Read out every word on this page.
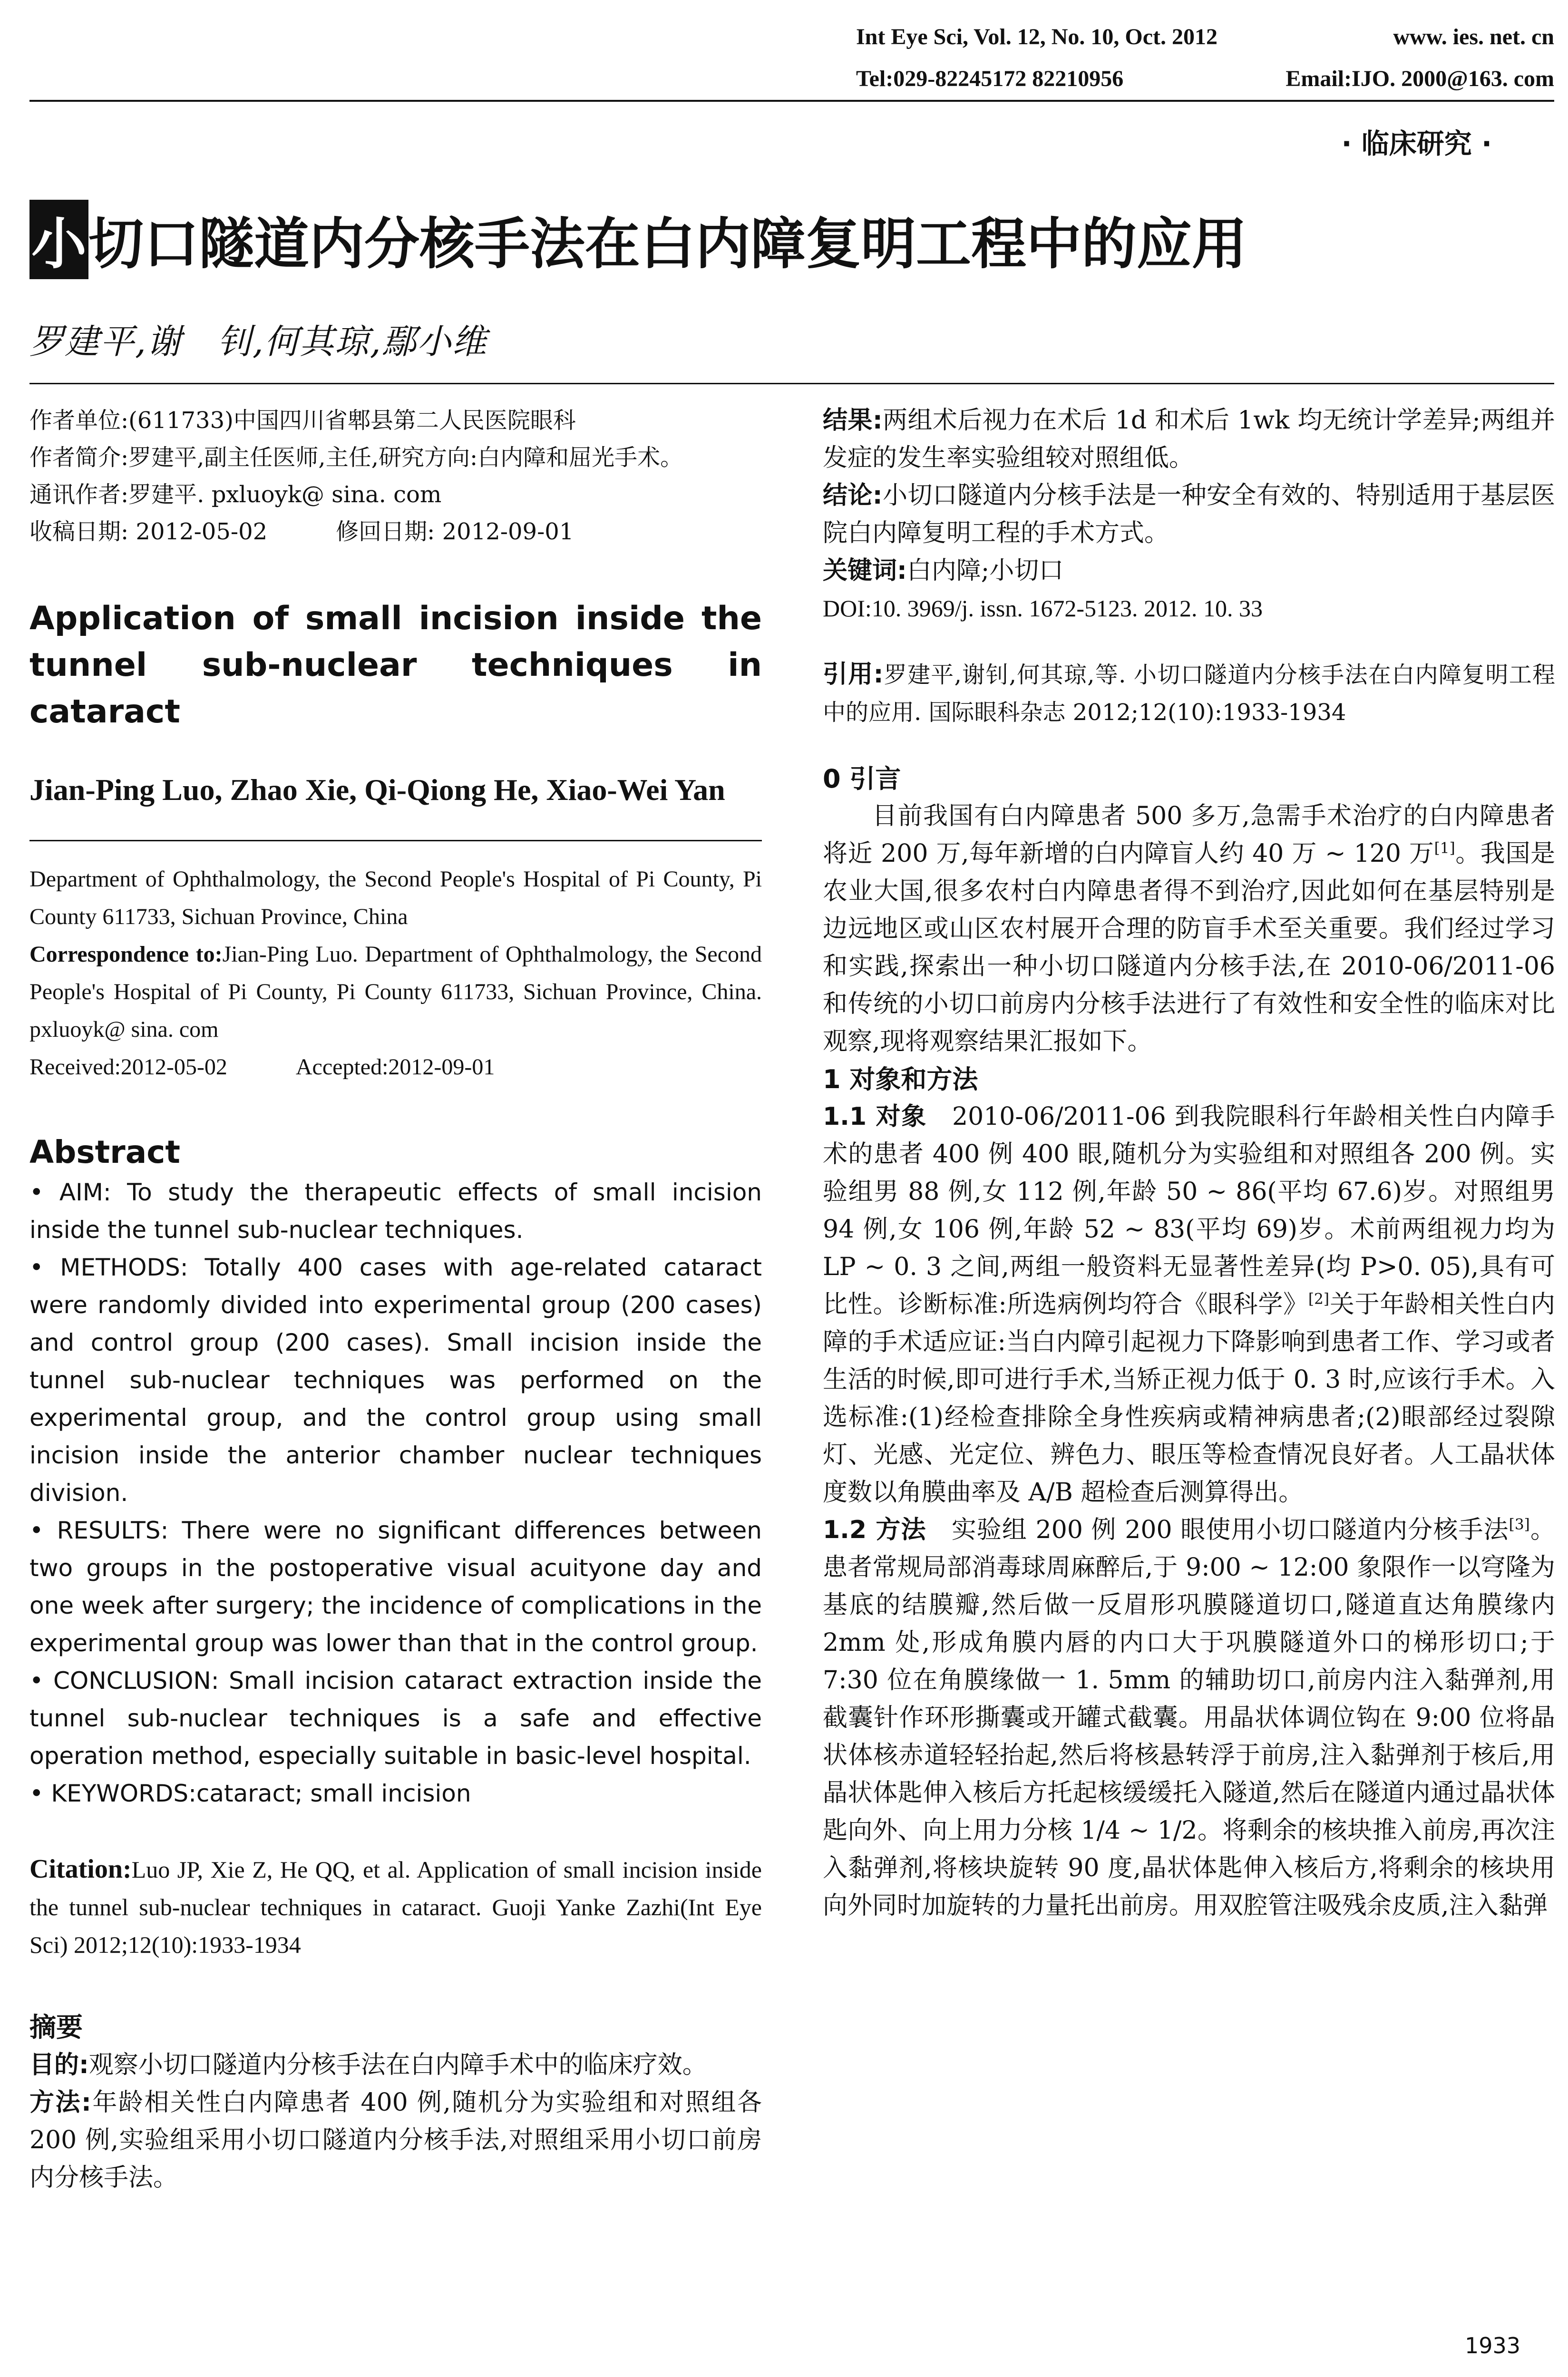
Int Eye Sci, Vol. 12, No. 10, Oct. 2012	www. ies. net. cn
Tel:029-82245172 82210956	Email:IJO. 2000@163. com
· 临床研究 ·
小切口隧道内分核手法在白内障复明工程中的应用
罗建平,谢　钊,何其琼,鄢小维

作者单位:(611733)中国四川省郫县第二人民医院眼科

作者简介:罗建平,副主任医师,主任,研究方向:白内障和屈光手术。

通讯作者:罗建平. pxluoyk@ sina. com

收稿日期: 2012-05-02　　　修回日期: 2012-09-01

Application of small incision inside the tunnel sub-nuclear techniques in cataract
Jian-Ping Luo, Zhao Xie, Qi-Qiong He, Xiao-Wei Yan

Department of Ophthalmology, the Second People's Hospital of Pi County, Pi County 611733, Sichuan Province, China

Correspondence to:Jian-Ping Luo. Department of Ophthalmology, the Second People's Hospital of Pi County, Pi County 611733, Sichuan Province, China. pxluoyk@ sina. com

Received:2012-05-02　　　Accepted:2012-09-01

Abstract

• AIM: To study the therapeutic effects of small incision inside the tunnel sub-nuclear techniques.

• METHODS: Totally 400 cases with age-related cataract were randomly divided into experimental group (200 cases) and control group (200 cases). Small incision inside the tunnel sub-nuclear techniques was performed on the experimental group, and the control group using small incision inside the anterior chamber nuclear techniques division.

• RESULTS: There were no significant differences between two groups in the postoperative visual acuityone day and one week after surgery; the incidence of complications in the experimental group was lower than that in the control group.

• CONCLUSION: Small incision cataract extraction inside the tunnel sub-nuclear techniques is a safe and effective operation method, especially suitable in basic-level hospital.

• KEYWORDS:cataract; small incision

Citation:Luo JP, Xie Z, He QQ, et al. Application of small incision inside the tunnel sub-nuclear techniques in cataract. Guoji Yanke Zazhi(Int Eye Sci) 2012;12(10):1933-1934
摘要

目的:观察小切口隧道内分核手法在白内障手术中的临床疗效。

方法:年龄相关性白内障患者 400 例,随机分为实验组和对照组各 200 例,实验组采用小切口隧道内分核手法,对照组采用小切口前房内分核手法。

结果:两组术后视力在术后 1d 和术后 1wk 均无统计学差异;两组并发症的发生率实验组较对照组低。

结论:小切口隧道内分核手法是一种安全有效的、特别适用于基层医院白内障复明工程的手术方式。

关键词:白内障;小切口

DOI:10. 3969/j. issn. 1672-5123. 2012. 10. 33

引用:罗建平,谢钊,何其琼,等. 小切口隧道内分核手法在白内障复明工程中的应用. 国际眼科杂志 2012;12(10):1933-1934
0 引言
目前我国有白内障患者 500 多万,急需手术治疗的白内障患者将近 200 万,每年新增的白内障盲人约 40 万 ~ 120 万[1]。我国是农业大国,很多农村白内障患者得不到治疗,因此如何在基层特别是边远地区或山区农村展开合理的防盲手术至关重要。我们经过学习和实践,探索出一种小切口隧道内分核手法,在 2010-06/2011-06 和传统的小切口前房内分核手法进行了有效性和安全性的临床对比观察,现将观察结果汇报如下。
1 对象和方法
1.1 对象　 2010-06/2011-06 到我院眼科行年龄相关性白内障手术的患者 400 例 400 眼,随机分为实验组和对照组各 200 例。实验组男 88 例,女 112 例,年龄 50 ~ 86(平均 67.6)岁。对照组男 94 例,女 106 例,年龄 52 ~ 83(平均 69)岁。术前两组视力均为 LP ~ 0. 3 之间,两组一般资料无显著性差异(均 P>0. 05),具有可比性。诊断标准:所选病例均符合《眼科学》[2]关于年龄相关性白内障的手术适应证:当白内障引起视力下降影响到患者工作、学习或者生活的时候,即可进行手术,当矫正视力低于 0. 3 时,应该行手术。入选标准:(1)经检查排除全身性疾病或精神病患者;(2)眼部经过裂隙灯、光感、光定位、辨色力、眼压等检查情况良好者。人工晶状体度数以角膜曲率及 A/B 超检查后测算得出。
1.2 方法　 实验组 200 例 200 眼使用小切口隧道内分核手法[3]。患者常规局部消毒球周麻醉后,于 9:00 ~ 12:00 象限作一以穹隆为基底的结膜瓣,然后做一反眉形巩膜隧道切口,隧道直达角膜缘内 2mm 处,形成角膜内唇的内口大于巩膜隧道外口的梯形切口;于 7:30 位在角膜缘做一 1. 5mm 的辅助切口,前房内注入黏弹剂,用截囊针作环形撕囊或开罐式截囊。用晶状体调位钩在 9:00 位将晶状体核赤道轻轻抬起,然后将核悬转浮于前房,注入黏弹剂于核后,用晶状体匙伸入核后方托起核缓缓托入隧道,然后在隧道内通过晶状体匙向外、向上用力分核 1/4 ~ 1/2。将剩余的核块推入前房,再次注入黏弹剂,将核块旋转 90 度,晶状体匙伸入核后方,将剩余的核块用向外同时加旋转的力量托出前房。用双腔管注吸残余皮质,注入黏弹
1933
